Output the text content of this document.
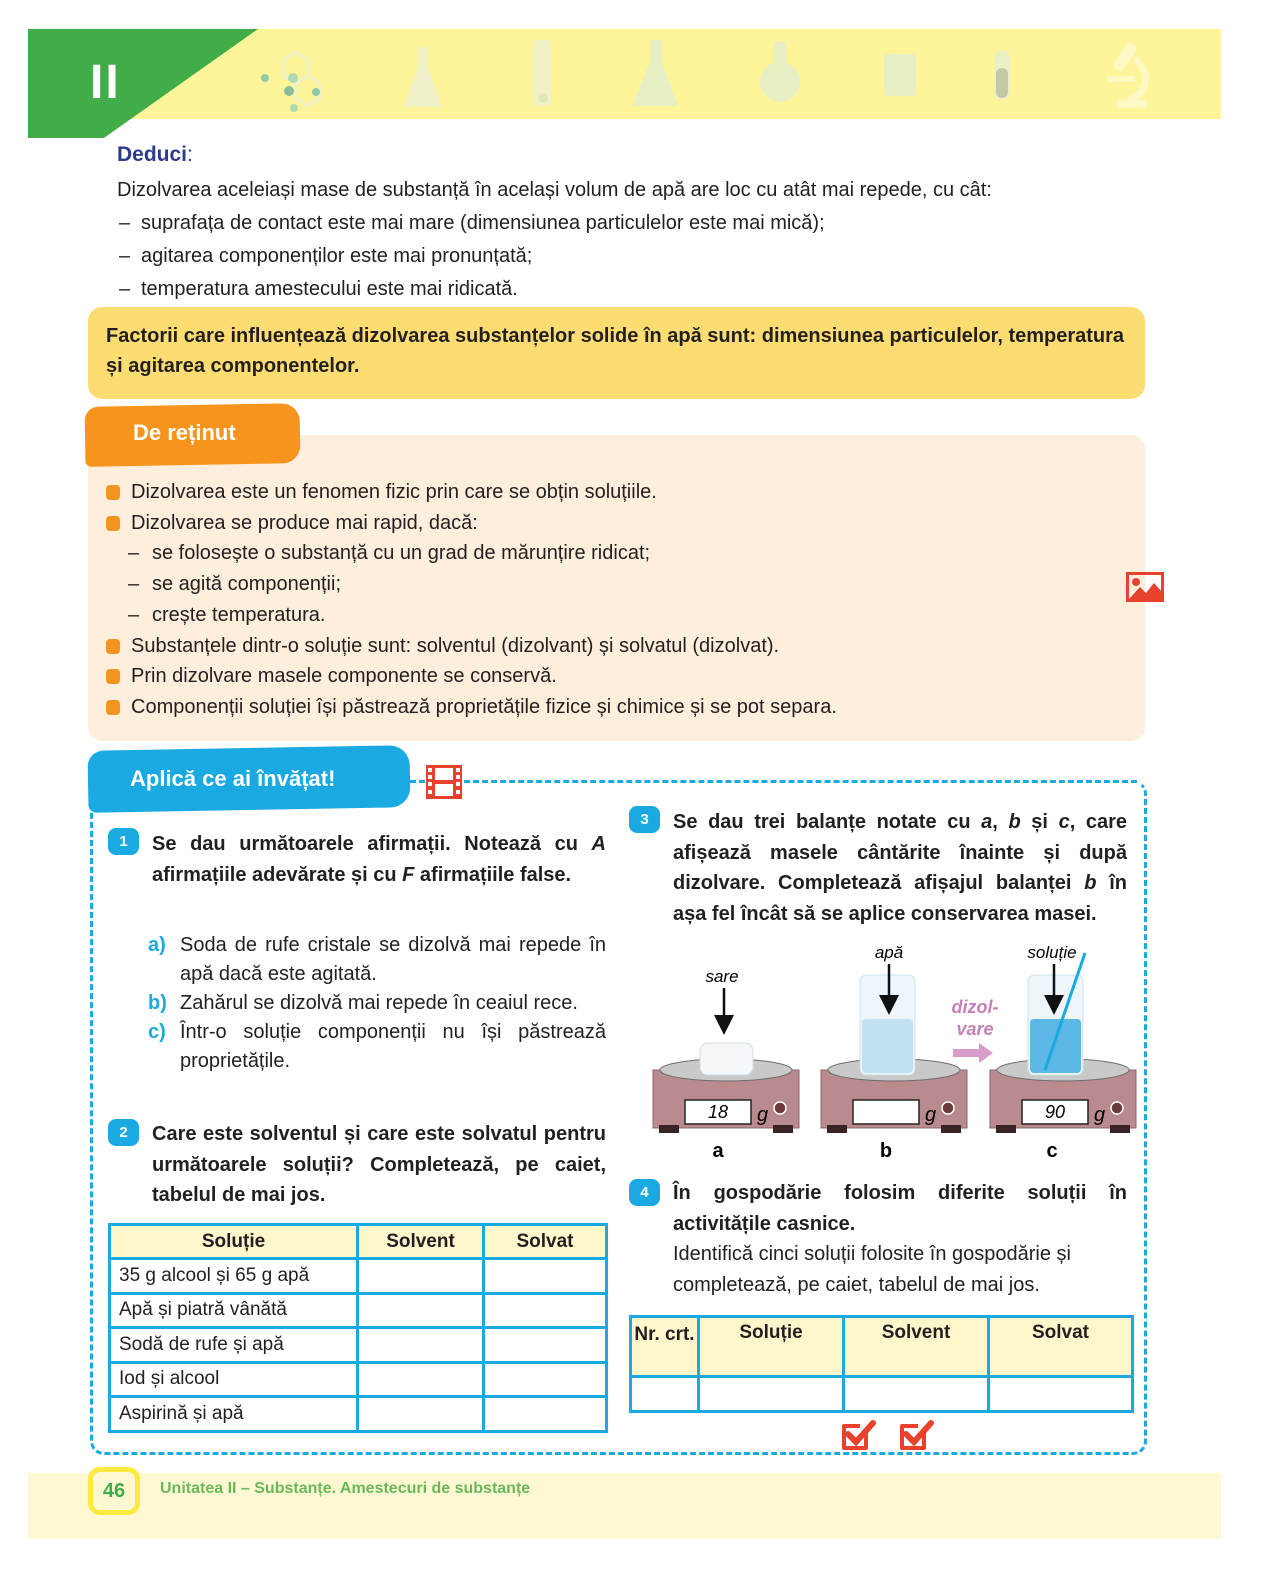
II
Deduci:
Dizolvarea aceleiași mase de substanță în același volum de apă are loc cu atât mai repede, cu cât:
– suprafața de contact este mai mare (dimensiunea particulelor este mai mică);
– agitarea componenților este mai pronunțată;
– temperatura amestecului este mai ridicată.
Factorii care influențează dizolvarea substanțelor solide în apă sunt: dimensiunea particulelor, temperatura și agitarea componentelor.
De reținut
Dizolvarea este un fenomen fizic prin care se obțin soluțiile.
Dizolvarea se produce mai rapid, dacă:
– se folosește o substanță cu un grad de mărunțire ridicat;
– se agită componenții;
– crește temperatura.
Substanțele dintr-o soluție sunt: solventul (dizolvant) și solvatul (dizolvat).
Prin dizolvare masele componente se conservă.
Componenții soluției își păstrează proprietățile fizice și chimice și se pot separa.
Aplică ce ai învățat!
1	Se dau următoarele afirmații. Notează cu A afirmațiile adevărate și cu F afirmațiile false.
a) Soda de rufe cristale se dizolvă mai repede în apă dacă este agitată.
b) Zahărul se dizolvă mai repede în ceaiul rece.
c) Într-o soluție componenții nu își păstrează proprietățile.
2	Care este solventul și care este solvatul pentru următoarele soluții? Completează, pe caiet, tabelul de mai jos.
Soluție	Solvent	Solvat
35 g alcool și 65 g apă		
Apă și piatră vânătă		
Sodă de rufe și apă		
Iod și alcool		
Aspirină și apă		
3	Se dau trei balanțe notate cu a, b și c, care afișează masele cântărite înainte și după dizolvare. Completează afișajul balanței b în așa fel încât să se aplice conservarea masei.
18 g
sare
a
g
apă
b
dizol-
vare
90 g
soluție
c
4	În gospodărie folosim diferite soluții în activitățile casnice.
Identifică cinci soluții folosite în gospodărie și completează, pe caiet, tabelul de mai jos.
Nr. crt.	Soluție	Solvent	Solvat

46	Unitatea II – Substanțe. Amestecuri de substanțe
